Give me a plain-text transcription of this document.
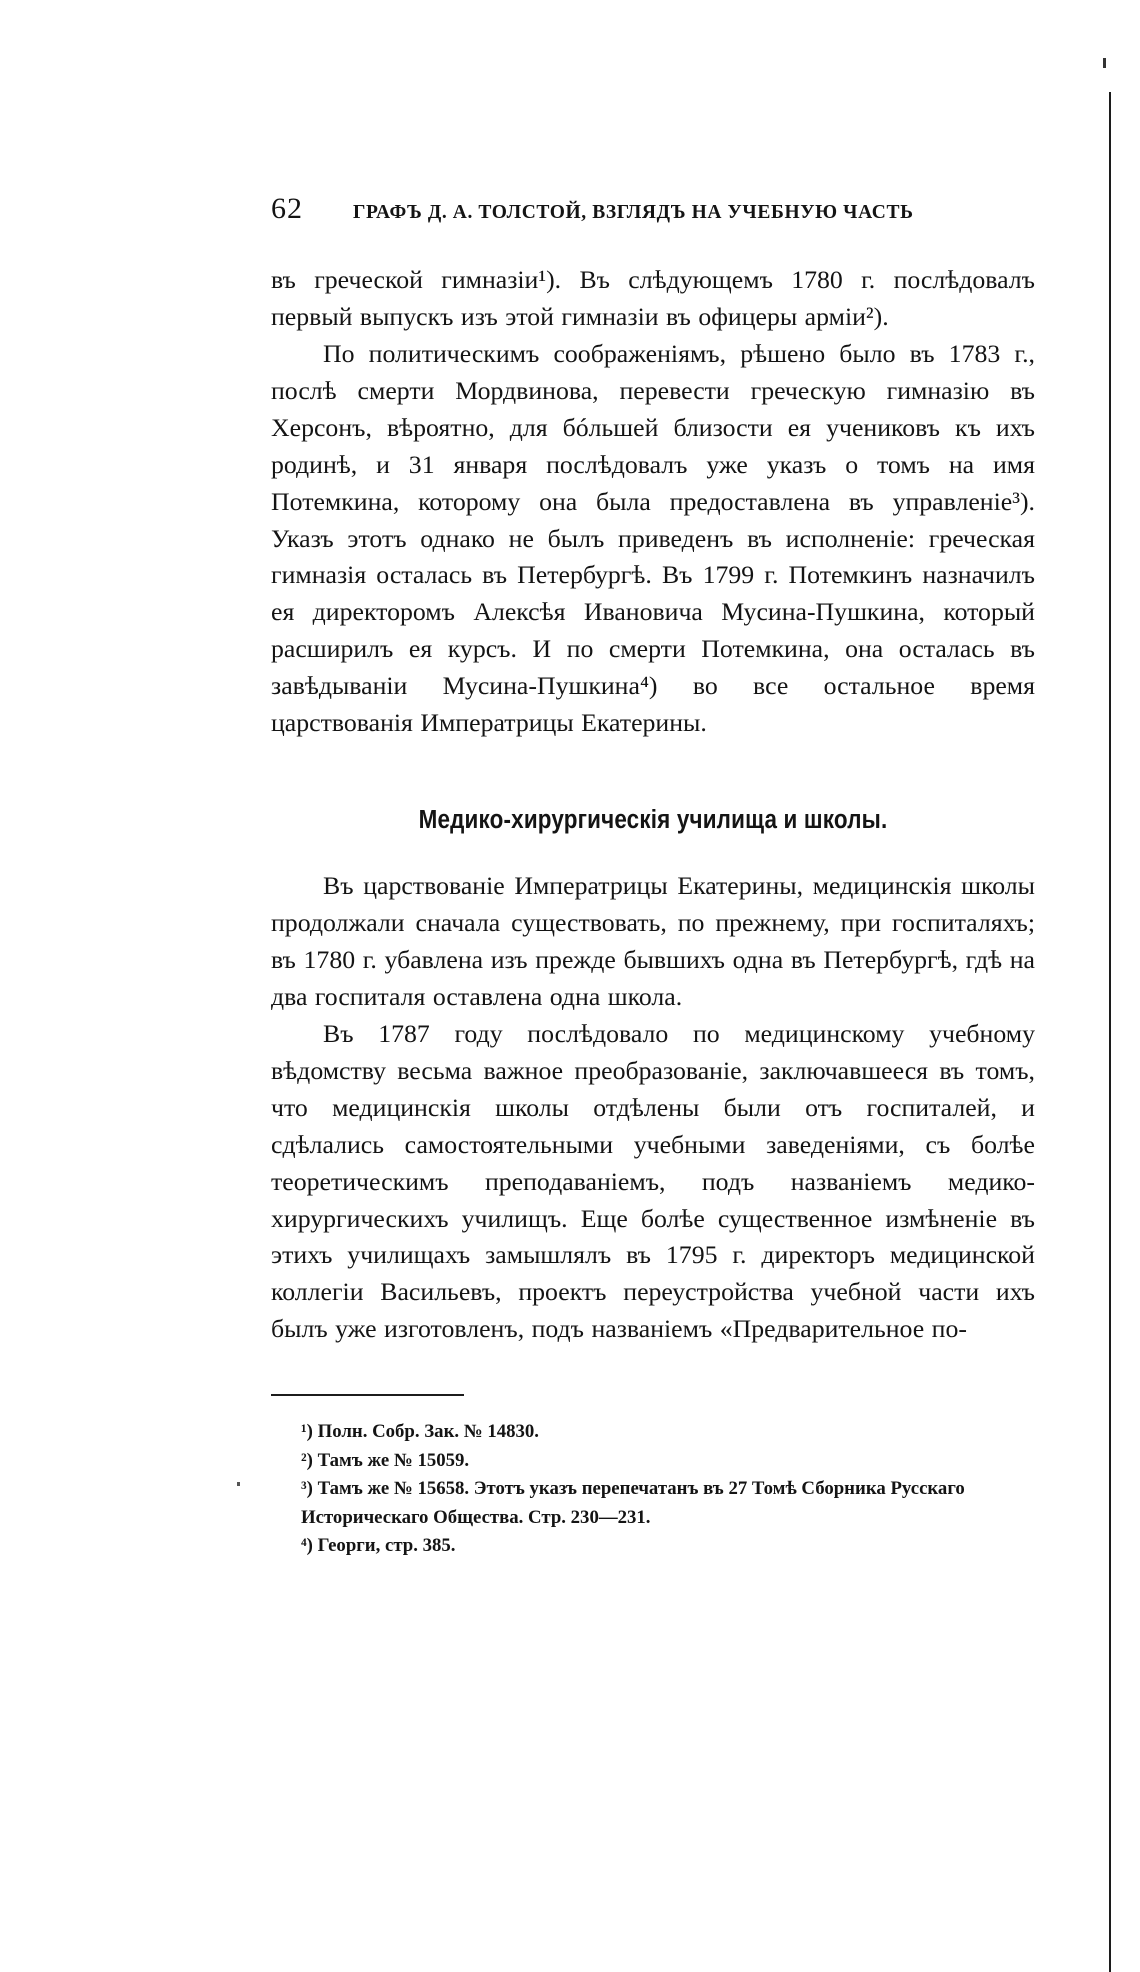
62	ГРАФЪ Д. А. ТОЛСТОЙ, ВЗГЛЯДЪ НА УЧЕБНУЮ ЧАСТЬ

въ греческой гимназіи¹). Въ слѣдующемъ 1780 г. послѣдовалъ первый выпускъ изъ этой гимназіи въ офицеры арміи²).

По политическимъ соображеніямъ, рѣшено было въ 1783 г., послѣ смерти Мордвинова, перевести греческую гимназію въ Херсонъ, вѣроятно, для бóльшей близости ея учениковъ къ ихъ родинѣ, и 31 января послѣдовалъ уже указъ о томъ на имя Потемкина, которому она была предоставлена въ управленіе³). Указъ этотъ однако не былъ приведенъ въ исполненіе: греческая гимназія осталась въ Петербургѣ. Въ 1799 г. Потемкинъ назначилъ ея директоромъ Алексѣя Ивановича Мусина-Пушкина, который расширилъ ея курсъ. И по смерти Потемкина, она осталась въ завѣдываніи Мусина-Пушкина⁴) во все остальное время царствованія Императрицы Екатерины.

Медико-хирургическія училища и школы.

Въ царствованіе Императрицы Екатерины, медицинскія школы продолжали сначала существовать, по прежнему, при госпиталяхъ; въ 1780 г. убавлена изъ прежде бывшихъ одна въ Петербургѣ, гдѣ на два госпиталя оставлена одна школа.

Въ 1787 году послѣдовало по медицинскому учебному вѣдомству весьма важное преобразованіе, заключавшееся въ томъ, что медицинскія школы отдѣлены были отъ госпиталей, и сдѣлались самостоятельными учебными заведеніями, съ болѣе теоретическимъ преподаваніемъ, подъ названіемъ медико-хирургическихъ училищъ. Еще болѣе существенное измѣненіе въ этихъ училищахъ замышлялъ въ 1795 г. директоръ медицинской коллегіи Васильевъ, проектъ переустройства учебной части ихъ былъ уже изготовленъ, подъ названіемъ «Предварительное по-

¹) Полн. Собр. Зак. № 14830.
²) Тамъ же № 15059.
³) Тамъ же № 15658. Этотъ указъ перепечатанъ въ 27 Томѣ Сборника Русскаго Историческаго Общества. Стр. 230—231.
⁴) Георги, стр. 385.
